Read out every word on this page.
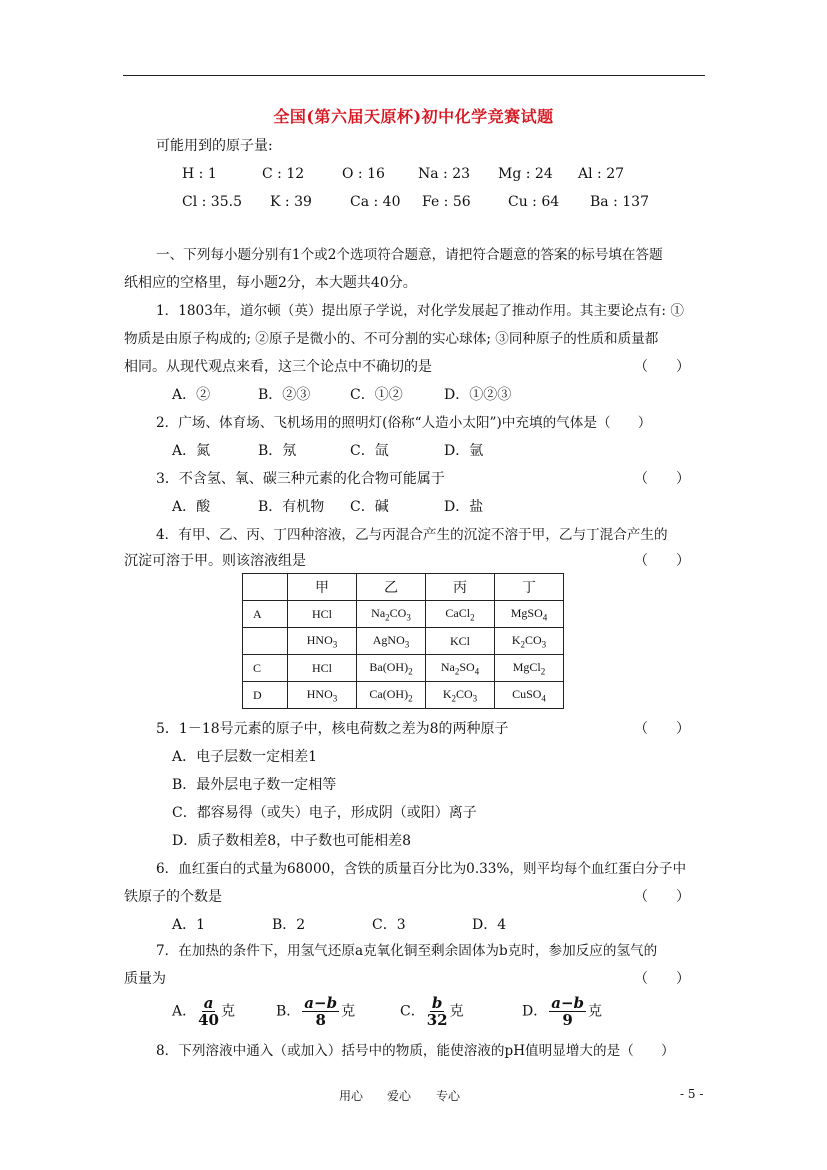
全国(第六届天原杯)初中化学竞赛试题
可能用到的原子量:
H : 1	C : 12	O : 16 Na : 23 Mg : 24 Al : 27
Cl : 35.5 K : 39	Ca : 40 Fe : 56	Cu : 64 Ba : 137
一、下列每小题分别有1个或2个选项符合题意，请把符合题意的答案的标号填在答题
纸相应的空格里，每小题2分，本大题共40分。
1．1803年，道尔顿（英）提出原子学说，对化学发展起了推动作用。其主要论点有: ①
物质是由原子构成的; ②原子是微小的、不可分割的实心球体; ③同种原子的性质和质量都
相同。从现代观点来看，这三个论点中不确切的是	（　　）
A．②	B．②③	C．①②	D．①②③
2．广场、体育场、飞机场用的照明灯(俗称“人造小太阳”)中充填的气体是（　　）
A．氮	B．氖	C．氙	D．氩
3．不含氢、氧、碳三种元素的化合物可能属于	（　　）
A．酸	B．有机物 C．碱	D．盐
4．有甲、乙、丙、丁四种溶液，乙与丙混合产生的沉淀不溶于甲，乙与丁混合产生的
沉淀可溶于甲。则该溶液组是	（　　）
	甲	乙	丙	丁
A	HCl	$Na_2CO_3$	CaCl$_2$	MgSO$_4$
	$HNO_3$	AgNO$_3$	KCl	$K_2CO_3$
C	HCl	$Ba(OH)_2$	$Na_2SO_4$	MgCl$_2$
D	$HNO_3$	$Ca(OH)_2$	$K_2CO_3$	CuSO$_4$
5．1－18号元素的原子中，核电荷数之差为8的两种原子	（　　）
A．电子层数一定相差1
B．最外层电子数一定相等
C．都容易得（或失）电子，形成阴（或阳）离子
D．质子数相差8，中子数也可能相差8
6．血红蛋白的式量为68000，含铁的质量百分比为0.33%，则平均每个血红蛋白分子中
铁原子的个数是	（　　）
A．1	B．2	C．3	D．4
7．在加热的条件下，用氢气还原a克氧化铜至剩余固体为b克时，参加反应的氢气的
质量为	（　　）
A． $\frac{a}{40}$ 克	B． $\frac{a-b}{8}$ 克	C． $\frac{b}{32}$ 克	D． $\frac{a-b}{9}$ 克
8．下列溶液中通入（或加入）括号中的物质，能使溶液的pH值明显增大的是（　　）
用心 爱心 专心	- 5 -
